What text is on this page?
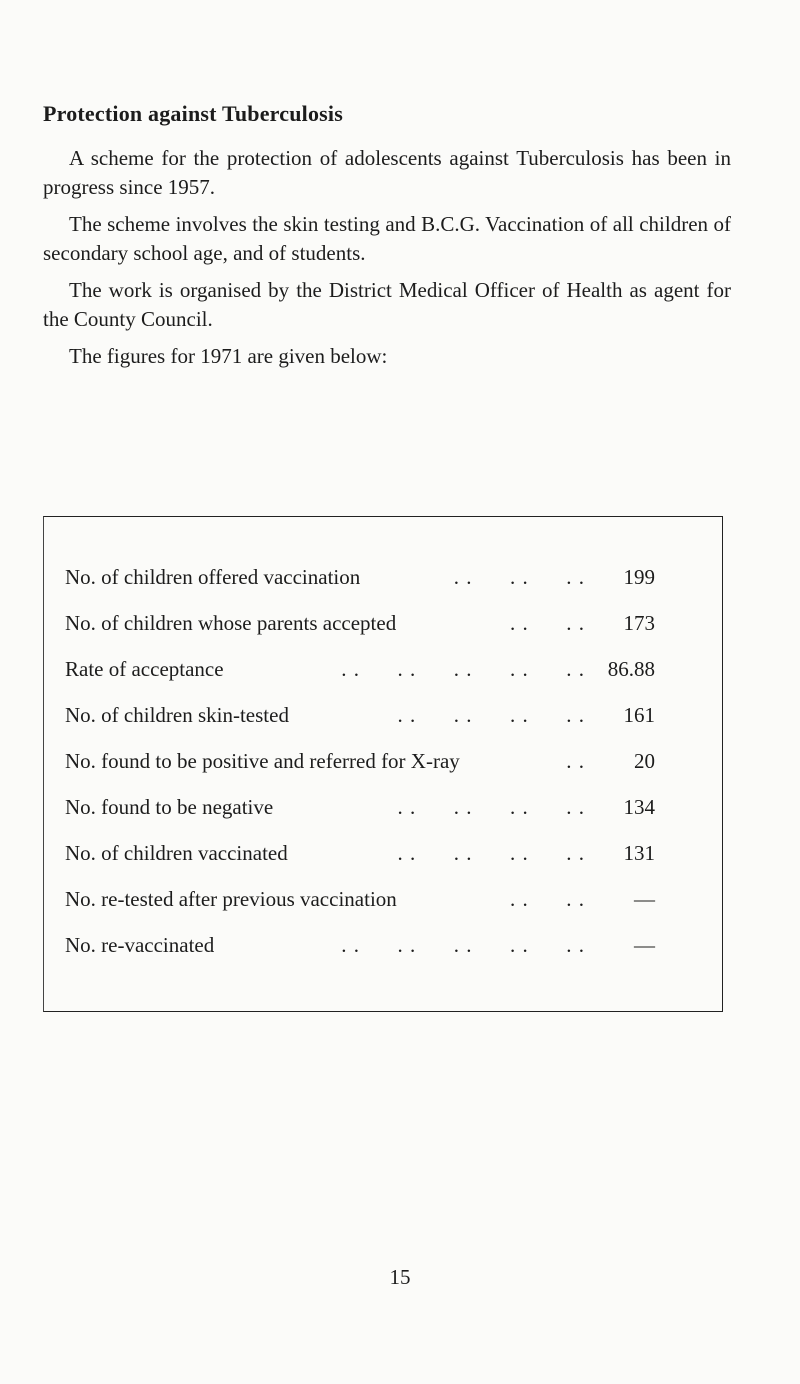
Protection against Tuberculosis

A scheme for the protection of adolescents against Tuberculosis has been in progress since 1957.

The scheme involves the skin testing and B.C.G. Vaccination of all children of secondary school age, and of students.

The work is organised by the District Medical Officer of Health as agent for the County Council.

The figures for 1971 are given below:

No. of children offered vaccination	. .      . .      . .	199
No. of children whose parents accepted	. .      . .	173
Rate of acceptance	. .      . .      . .      . .      . .	86.88
No. of children skin-tested	. .      . .      . .      . .	161
No. found to be positive and referred for X-ray	. .	20
No. found to be negative	. .      . .      . .      . .	134
No. of children vaccinated	. .      . .      . .      . .	131
No. re-tested after previous vaccination	. .      . .	—
No. re-vaccinated	. .      . .      . .      . .      . .	—
15
